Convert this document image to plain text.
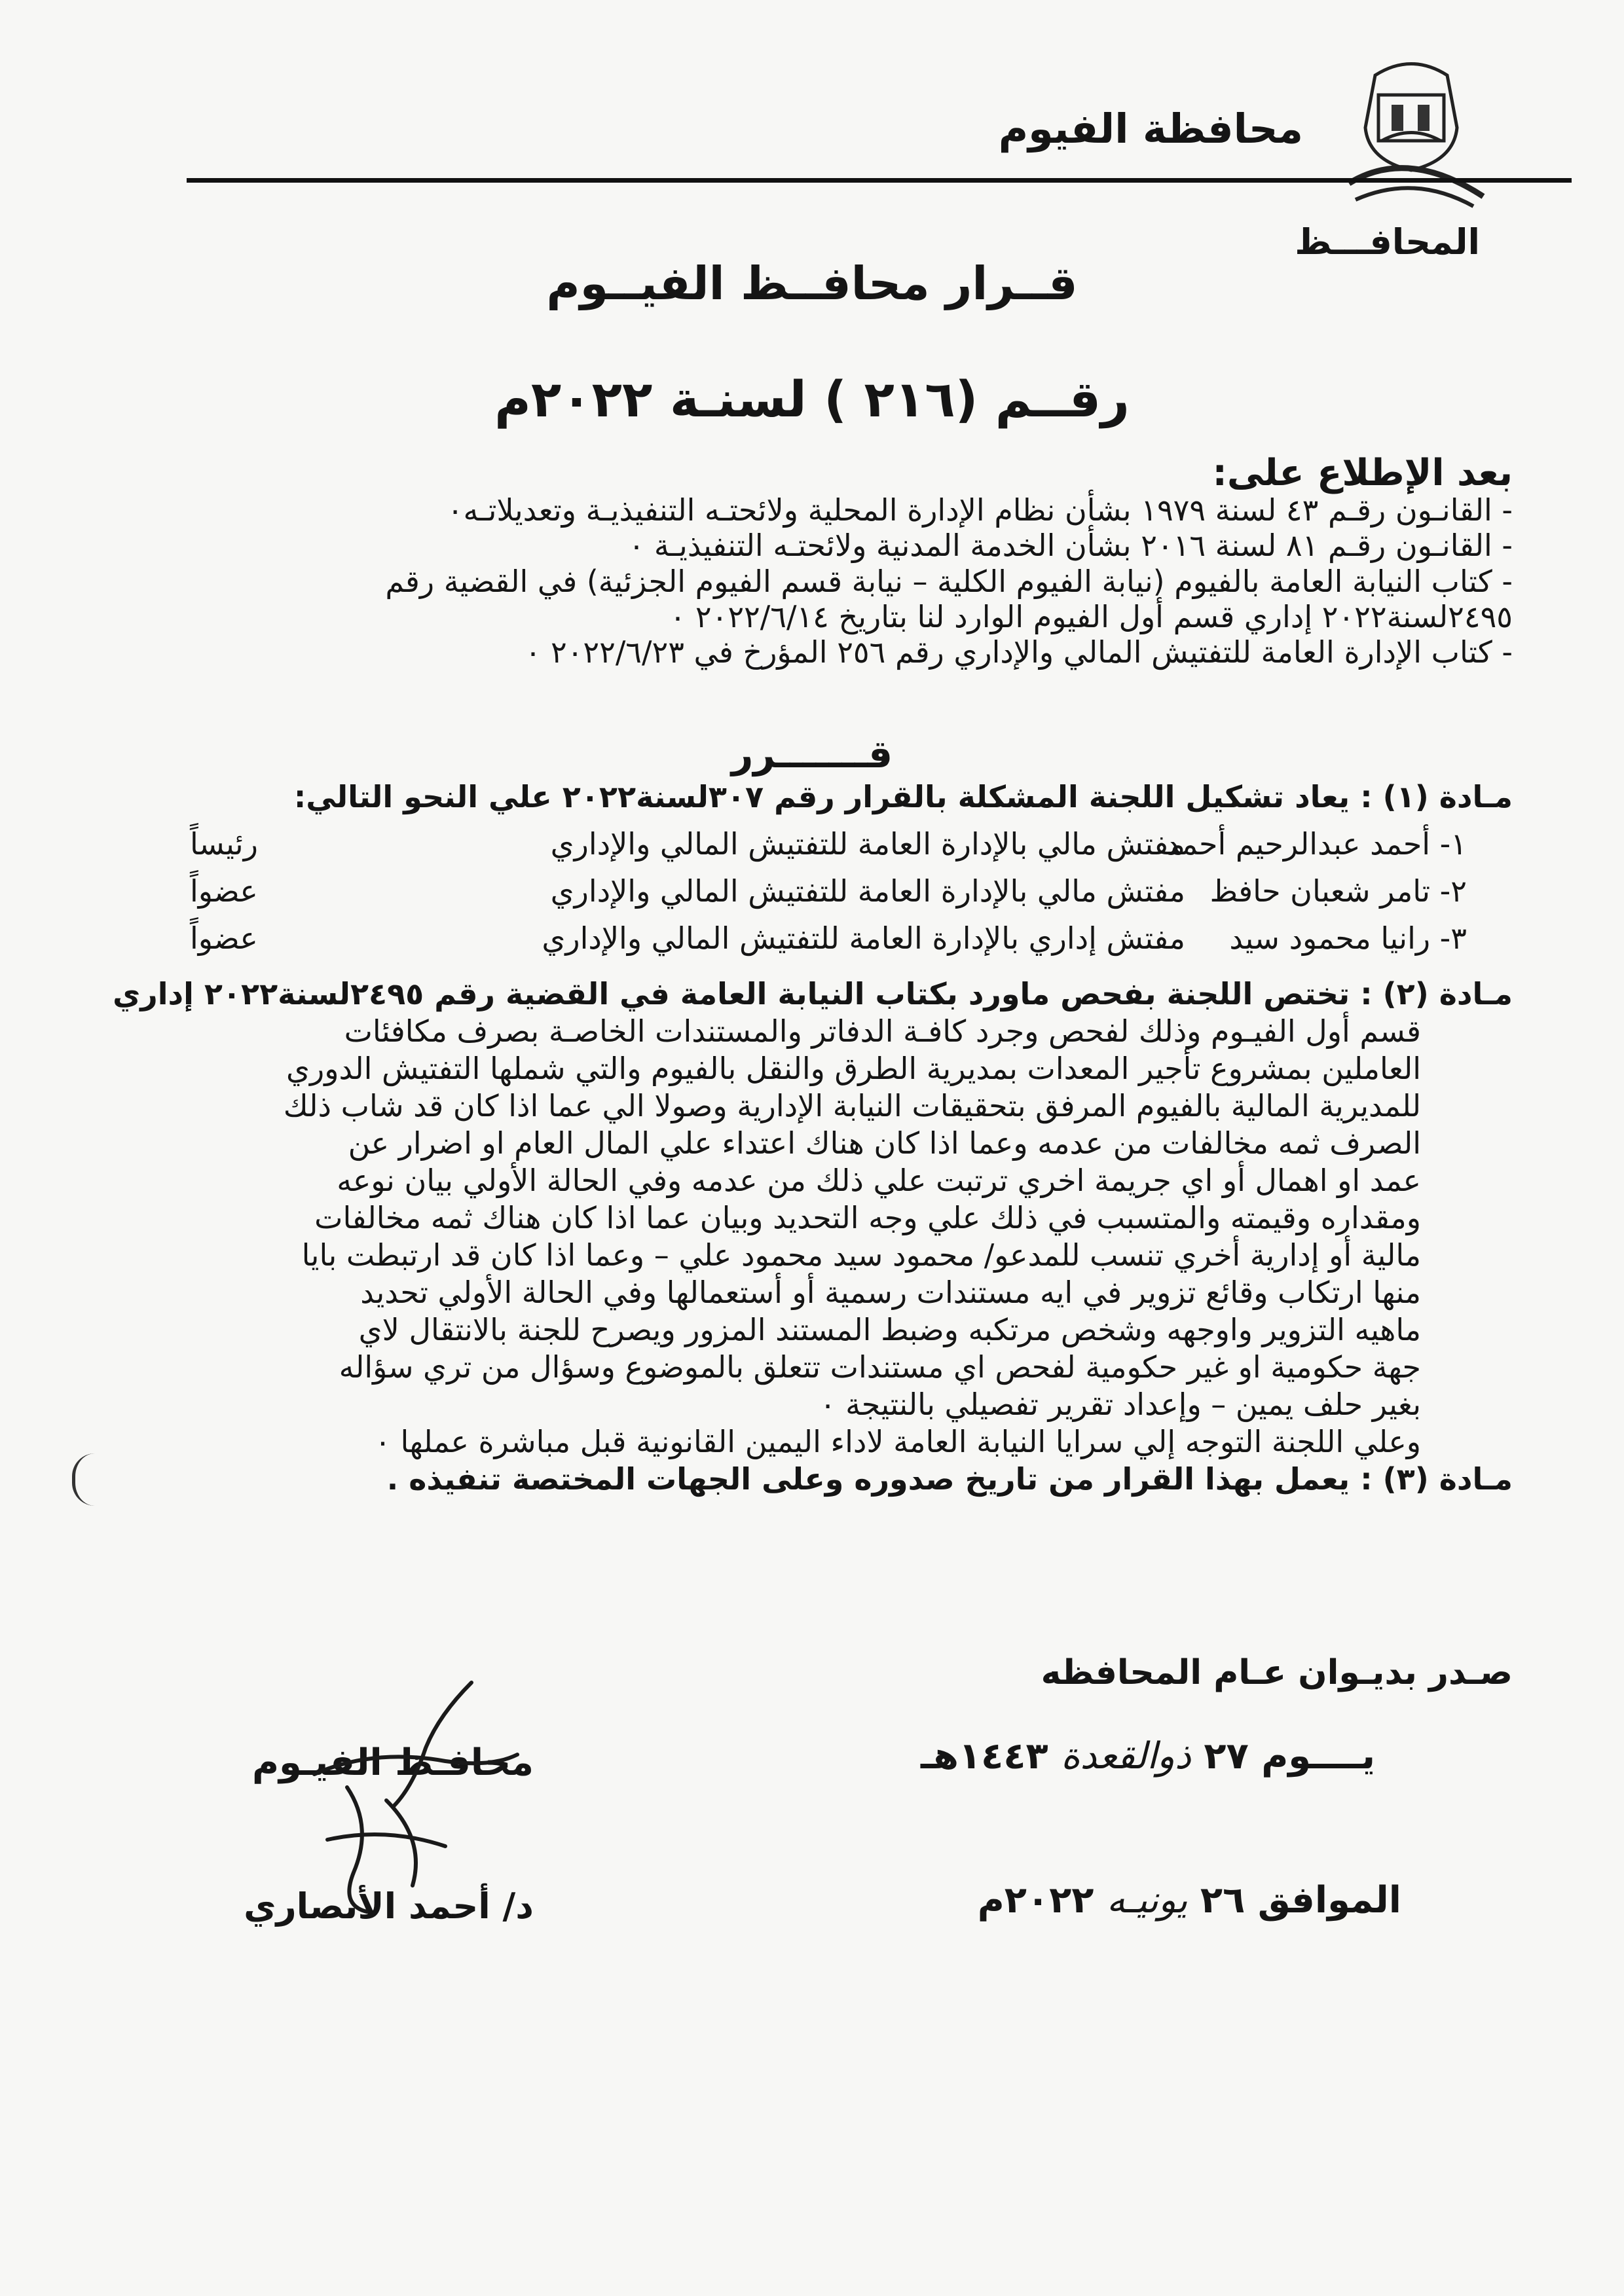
محافظة الفيوم
المحافـــظ
قــرار محافــظ الفيــوم
رقــم (٢١٦ ) لسنـة ٢٠٢٢م
بعد الإطلاع على:

- القانـون رقـم ٤٣ لسنة ١٩٧٩ بشأن نظام الإدارة المحلية ولائحتـه التنفيذيـة وتعديلاتـه٠

- القانـون رقـم ٨١ لسنة ٢٠١٦ بشأن الخدمة المدنية ولائحتـه التنفيذيـة ٠

- كتاب النيابة العامة بالفيوم (نيابة الفيوم الكلية – نيابة قسم الفيوم الجزئية) في القضية رقم

٢٤٩٥لسنة٢٠٢٢ إداري قسم أول الفيوم الوارد لنا بتاريخ ٢٠٢٢/٦/١٤ ٠

- كتاب الإدارة العامة للتفتيش المالي والإداري رقم ٢٥٦ المؤرخ في ٢٠٢٢/٦/٢٣ ٠

قـــــــرر

مـادة (١) : يعاد تشكيل اللجنة المشكلة بالقرار رقم ٣٠٧لسنة٢٠٢٢ علي النحو التالي:

١- أحمد عبدالرحيم أحمد
مفتش مالي بالإدارة العامة للتفتيش المالي والإداري
رئيساً
٢- تامر شعبان حافظ
مفتش مالي بالإدارة العامة للتفتيش المالي والإداري
عضواً
٣- رانيا محمود سيد
مفتش إداري بالإدارة العامة للتفتيش المالي والإداري
عضواً

مـادة (٢) : تختص اللجنة بفحص ماورد بكتاب النيابة العامة في القضية رقم ٢٤٩٥لسنة٢٠٢٢ إداري

قسم أول الفيـوم وذلك لفحص وجرد كافـة الدفاتر والمستندات الخاصـة بصرف مكافئات

العاملين بمشروع تأجير المعدات بمديرية الطرق والنقل بالفيوم والتي شملها التفتيش الدوري

للمديرية المالية بالفيوم المرفق بتحقيقات النيابة الإدارية وصولا الي عما اذا كان قد شاب ذلك

الصرف ثمه مخالفات من عدمه وعما اذا كان هناك اعتداء علي المال العام او اضرار عن

عمد او اهمال أو اي جريمة اخري ترتبت علي ذلك من عدمه وفي الحالة الأولي بيان نوعه

ومقداره وقيمته والمتسبب في ذلك علي وجه التحديد وبيان عما اذا كان هناك ثمه مخالفات

مالية أو إدارية أخري تنسب للمدعو/ محمود سيد محمود علي – وعما اذا كان قد ارتبطت بايا

منها ارتكاب وقائع تزوير في ايه مستندات رسمية أو أستعمالها وفي الحالة الأولي تحديد

ماهيه التزوير واوجهه وشخص مرتكبه وضبط المستند المزور ويصرح للجنة بالانتقال لاي

جهة حكومية او غير حكومية لفحص اي مستندات تتعلق بالموضوع وسؤال من تري سؤاله

بغير حلف يمين – وإعداد تقرير تفصيلي بالنتيجة ٠

وعلي اللجنة التوجه إلي سرايا النيابة العامة لاداء اليمين القانونية قبل مباشرة عملها ٠

مـادة (٣) : يعمل بهذا القرار من تاريخ صدوره وعلى الجهات المختصة تنفيذه .

صـدر بديـوان عـام المحافظه
يــــوم ٢٧ ذوالقعدة ١٤٤٣هـ
الموافق ٢٦ يونيـه ٢٠٢٢م
محافـظ الفيـوم
د/ أحمد الأنصاري
